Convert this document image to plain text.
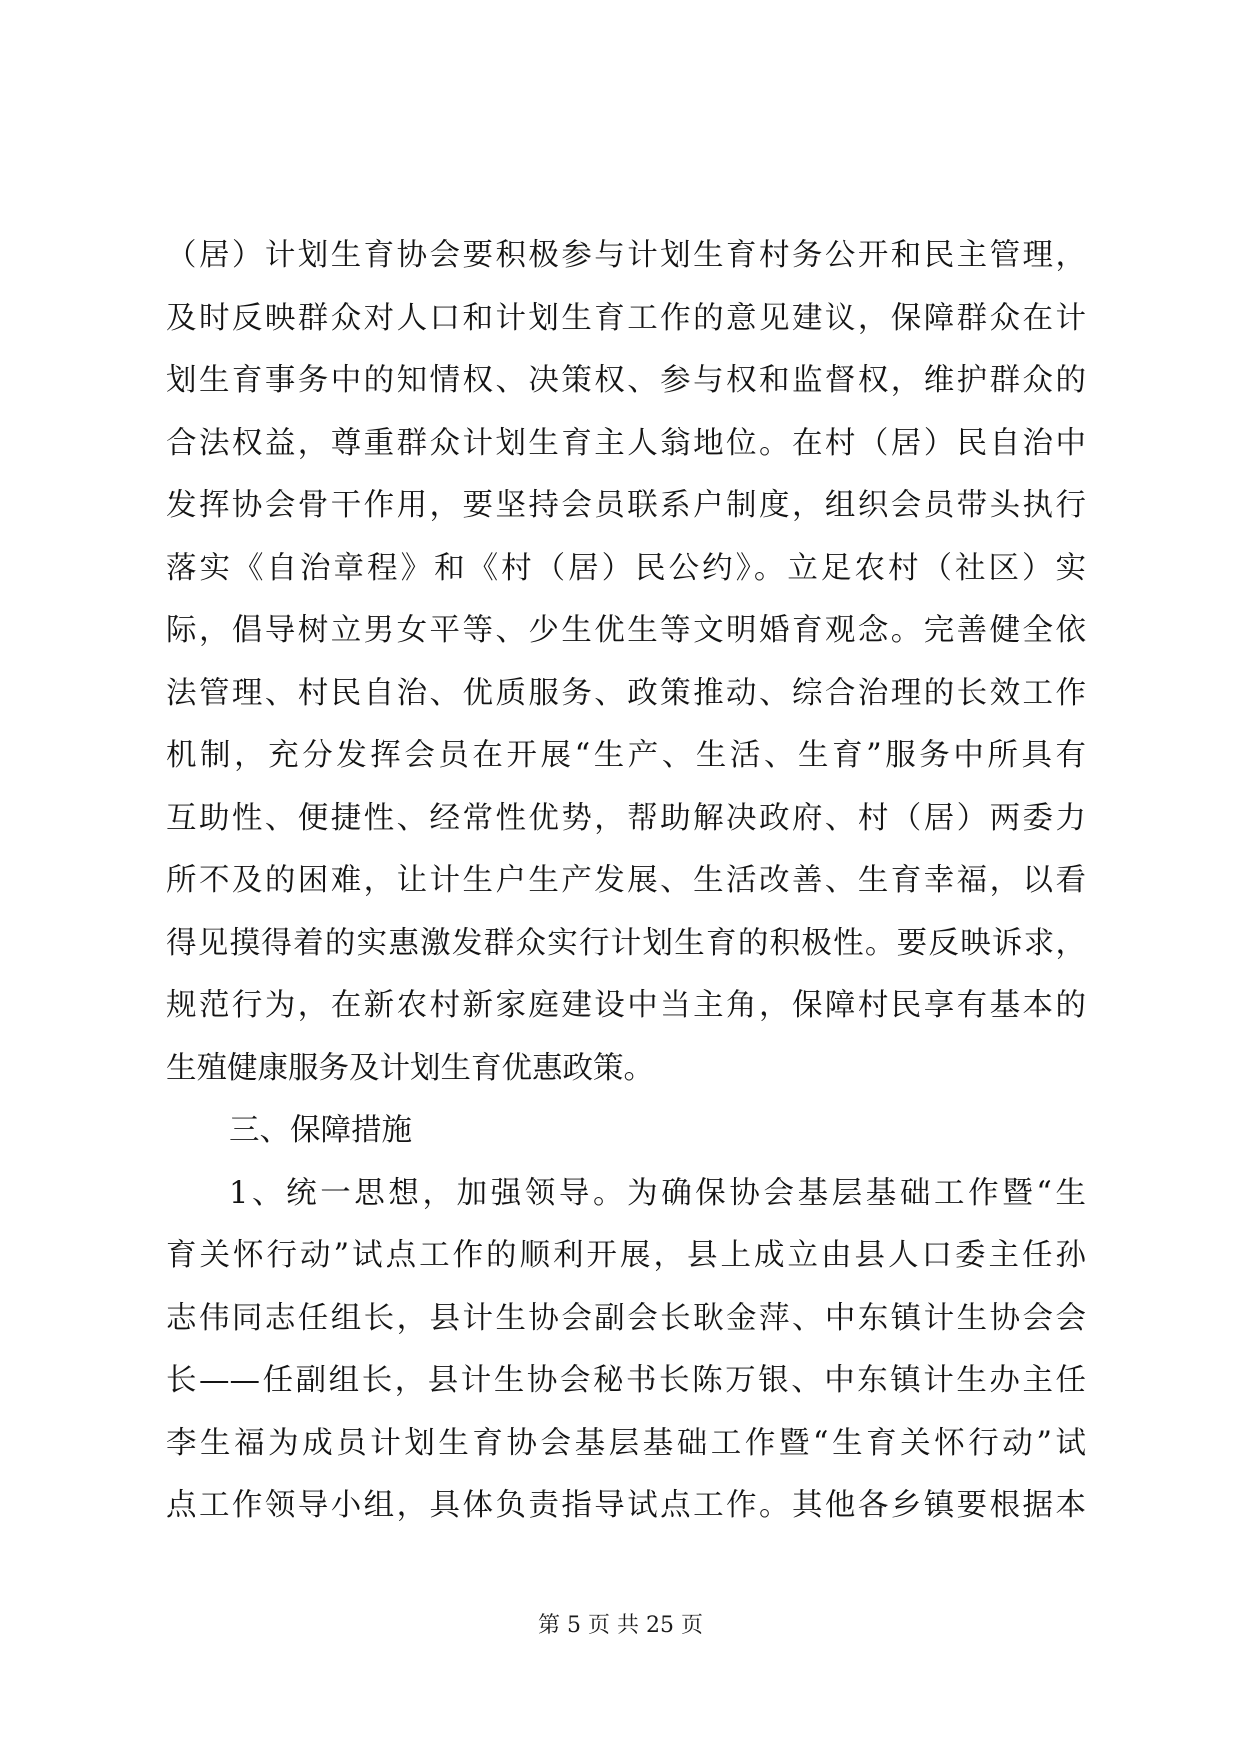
（居）计划生育协会要积极参与计划生育村务公开和民主管理，
及时反映群众对人口和计划生育工作的意见建议，保障群众在计
划生育事务中的知情权、决策权、参与权和监督权，维护群众的
合法权益，尊重群众计划生育主人翁地位。在村（居）民自治中
发挥协会骨干作用，要坚持会员联系户制度，组织会员带头执行
落实《自治章程》和《村（居）民公约》。立足农村（社区）实
际，倡导树立男女平等、少生优生等文明婚育观念。完善健全依
法管理、村民自治、优质服务、政策推动、综合治理的长效工作
机制，充分发挥会员在开展“生产、生活、生育”服务中所具有
互助性、便捷性、经常性优势，帮助解决政府、村（居）两委力
所不及的困难，让计生户生产发展、生活改善、生育幸福，以看
得见摸得着的实惠激发群众实行计划生育的积极性。要反映诉求，
规范行为，在新农村新家庭建设中当主角，保障村民享有基本的
生殖健康服务及计划生育优惠政策。
三、保障措施
1、统一思想，加强领导。为确保协会基层基础工作暨“生
育关怀行动”试点工作的顺利开展，县上成立由县人口委主任孙
志伟同志任组长，县计生协会副会长耿金萍、中东镇计生协会会
长——任副组长，县计生协会秘书长陈万银、中东镇计生办主任
李生福为成员计划生育协会基层基础工作暨“生育关怀行动”试
点工作领导小组，具体负责指导试点工作。其他各乡镇要根据本
第 5 页 共 25 页
